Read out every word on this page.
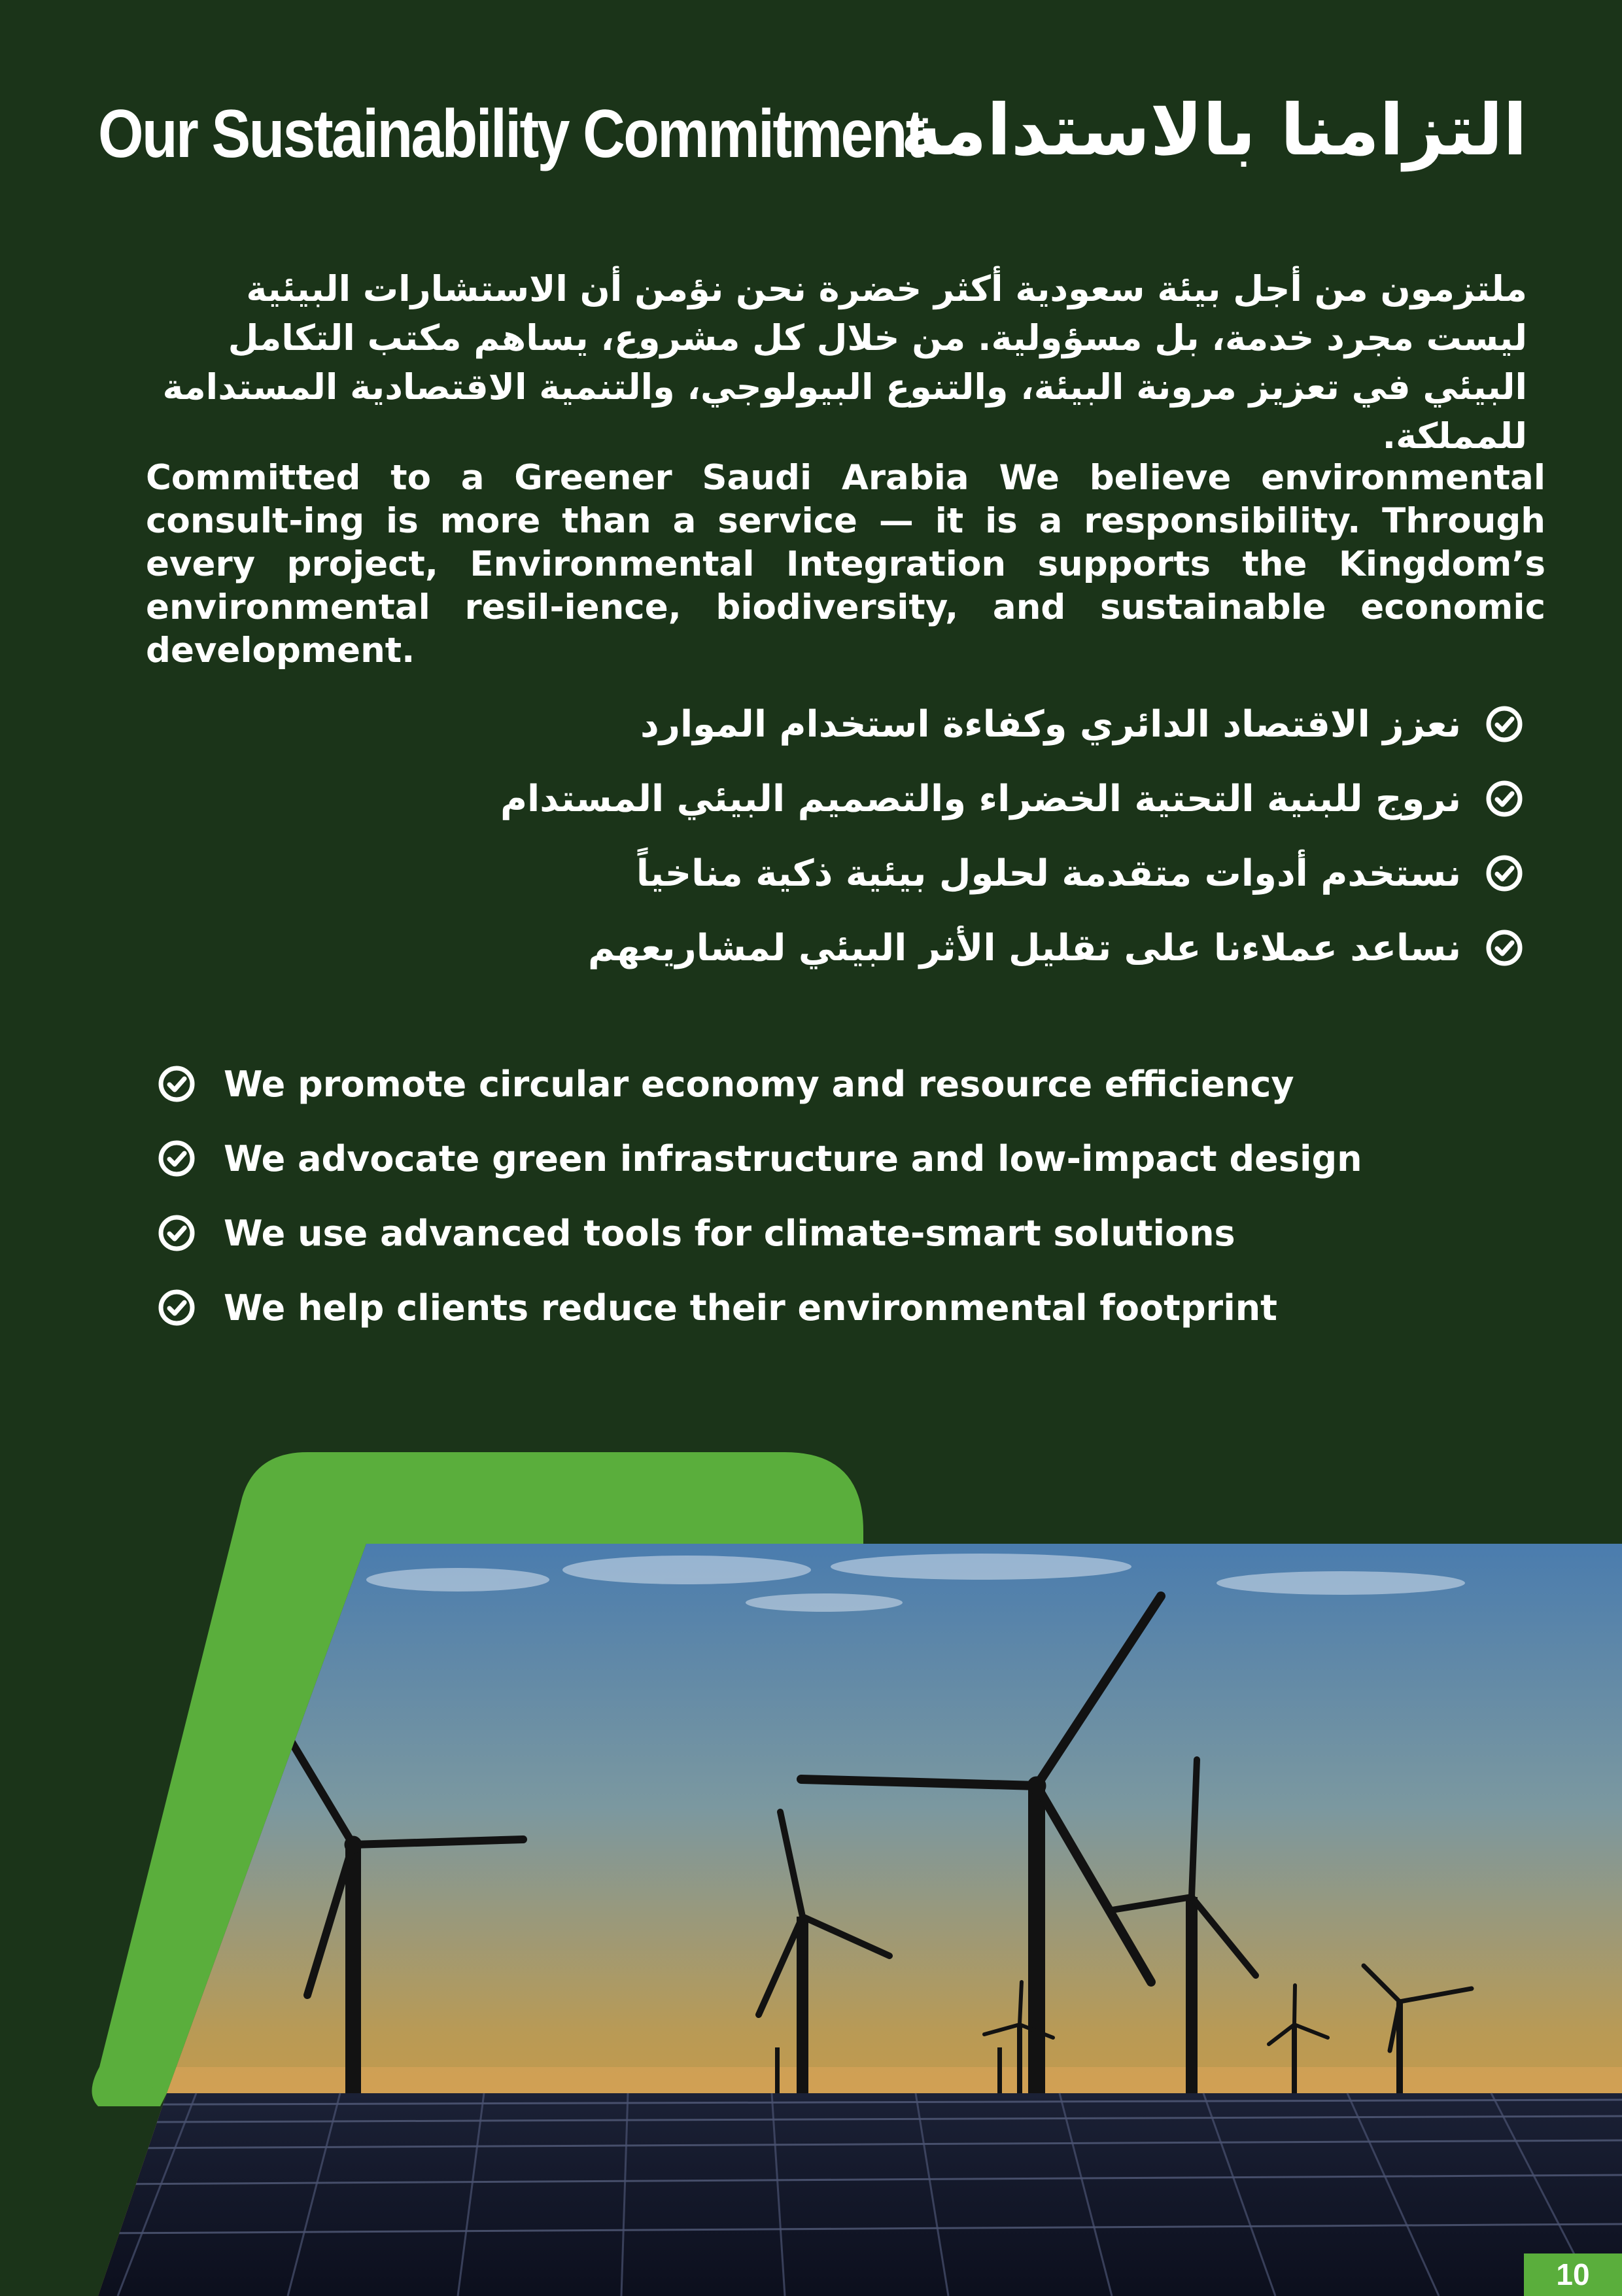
Our Sustainability Commitment
التزامنا بالاستدامة

ملتزمون من أجل بيئة سعودية أكثر خضرة نحن نؤمن أن الاستشارات البيئية ليست مجرد خدمة، بل مسؤولية. من خلال كل مشروع، يساهم مكتب التكامل البيئي في تعزيز مرونة البيئة، والتنوع البيولوجي، والتنمية الاقتصادية المستدامة للمملكة.

Committed to a Greener Saudi Arabia We believe environmental consult-ing is more than a service — it is a responsibility. Through every project, Environmental Integration supports the Kingdom’s environmental resil-ience, biodiversity, and sustainable economic development.

نعزز الاقتصاد الدائري وكفاءة استخدام الموارد
نروج للبنية التحتية الخضراء والتصميم البيئي المستدام
نستخدم أدوات متقدمة لحلول بيئية ذكية مناخياً
نساعد عملاءنا على تقليل الأثر البيئي لمشاريعهم
We promote circular economy and resource efficiency
We advocate green infrastructure and low-impact design
We use advanced tools for climate-smart solutions
We help clients reduce their environmental footprint
10
